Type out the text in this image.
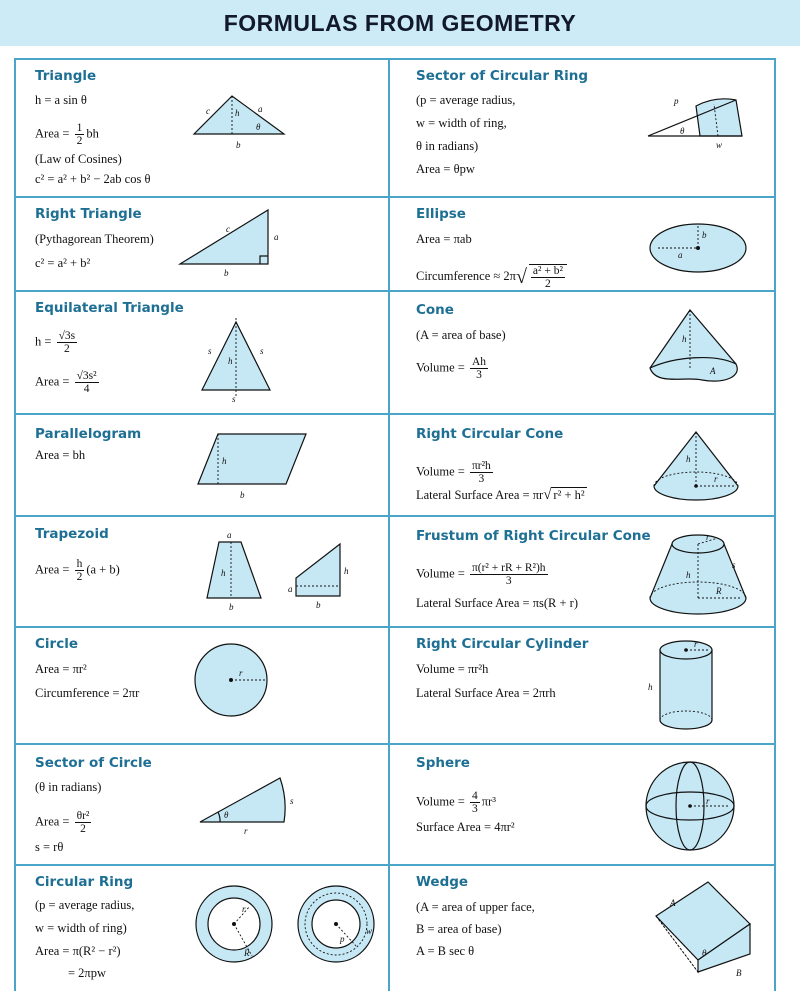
FORMULAS FROM GEOMETRY
Triangle
h = a sin θ
Area = $\frac{1}{2}$ bh
(Law of Cosines)
c² = a² + b² − 2ab cos θ
c	h a
θ
b
Right Triangle
(Pythagorean Theorem)
c² = a² + b²
c
a
b
Equilateral Triangle
$h = \frac{√3s}{2}$
Area = $\frac{\text{√3s²}}{4}$
s
h
s
s
Parallelogram
Area = bh	h
b
Trapezoid
Area = $\frac{h}{2} (a + b)$
a
h
b
h
a
b
Circle
Area = πr²
Circumference = 2πr
r
Sector of Circle
(θ in radians)
Area = $\frac{\text{θr²}}{2}$
s = rθ
θ
s
r
Circular Ring
(p = average radius,
w = width of ring)
Area = π(R² − r²)
= 2πpw
r
R
p
w
Sector of Circular Ring
(p = average radius,
w = width of ring,
θ in radians)
Area = θpw
p
θ
w
Ellipse
Area = πab
Circumference ≈ $2\pi√ \frac{\text{a² + b²}}{2}$
b
a
Cone
(A = area of base)
Volume = $\frac{Ah}{3}$
h
A
Right Circular Cone
Volume = $\frac{\text{πr²h}}{3}$
Lateral Surface Area = πr√ r² + h²
h
r
Frustum of Right Circular Cone
Volume = $\frac{\text{π(r² + rR + R²)h}}{3}$
Lateral Surface Area = πs(R + r)
r
h
s
R
Right Circular Cylinder
Volume = πr²h
Lateral Surface Area = 2πrh
r
h
Sphere
Volume = $\frac{4}{3} \pi r^3$
Surface Area = 4πr²
r
Wedge
(A = area of upper face,
B = area of base)
A = B sec θ
A
θ
B
